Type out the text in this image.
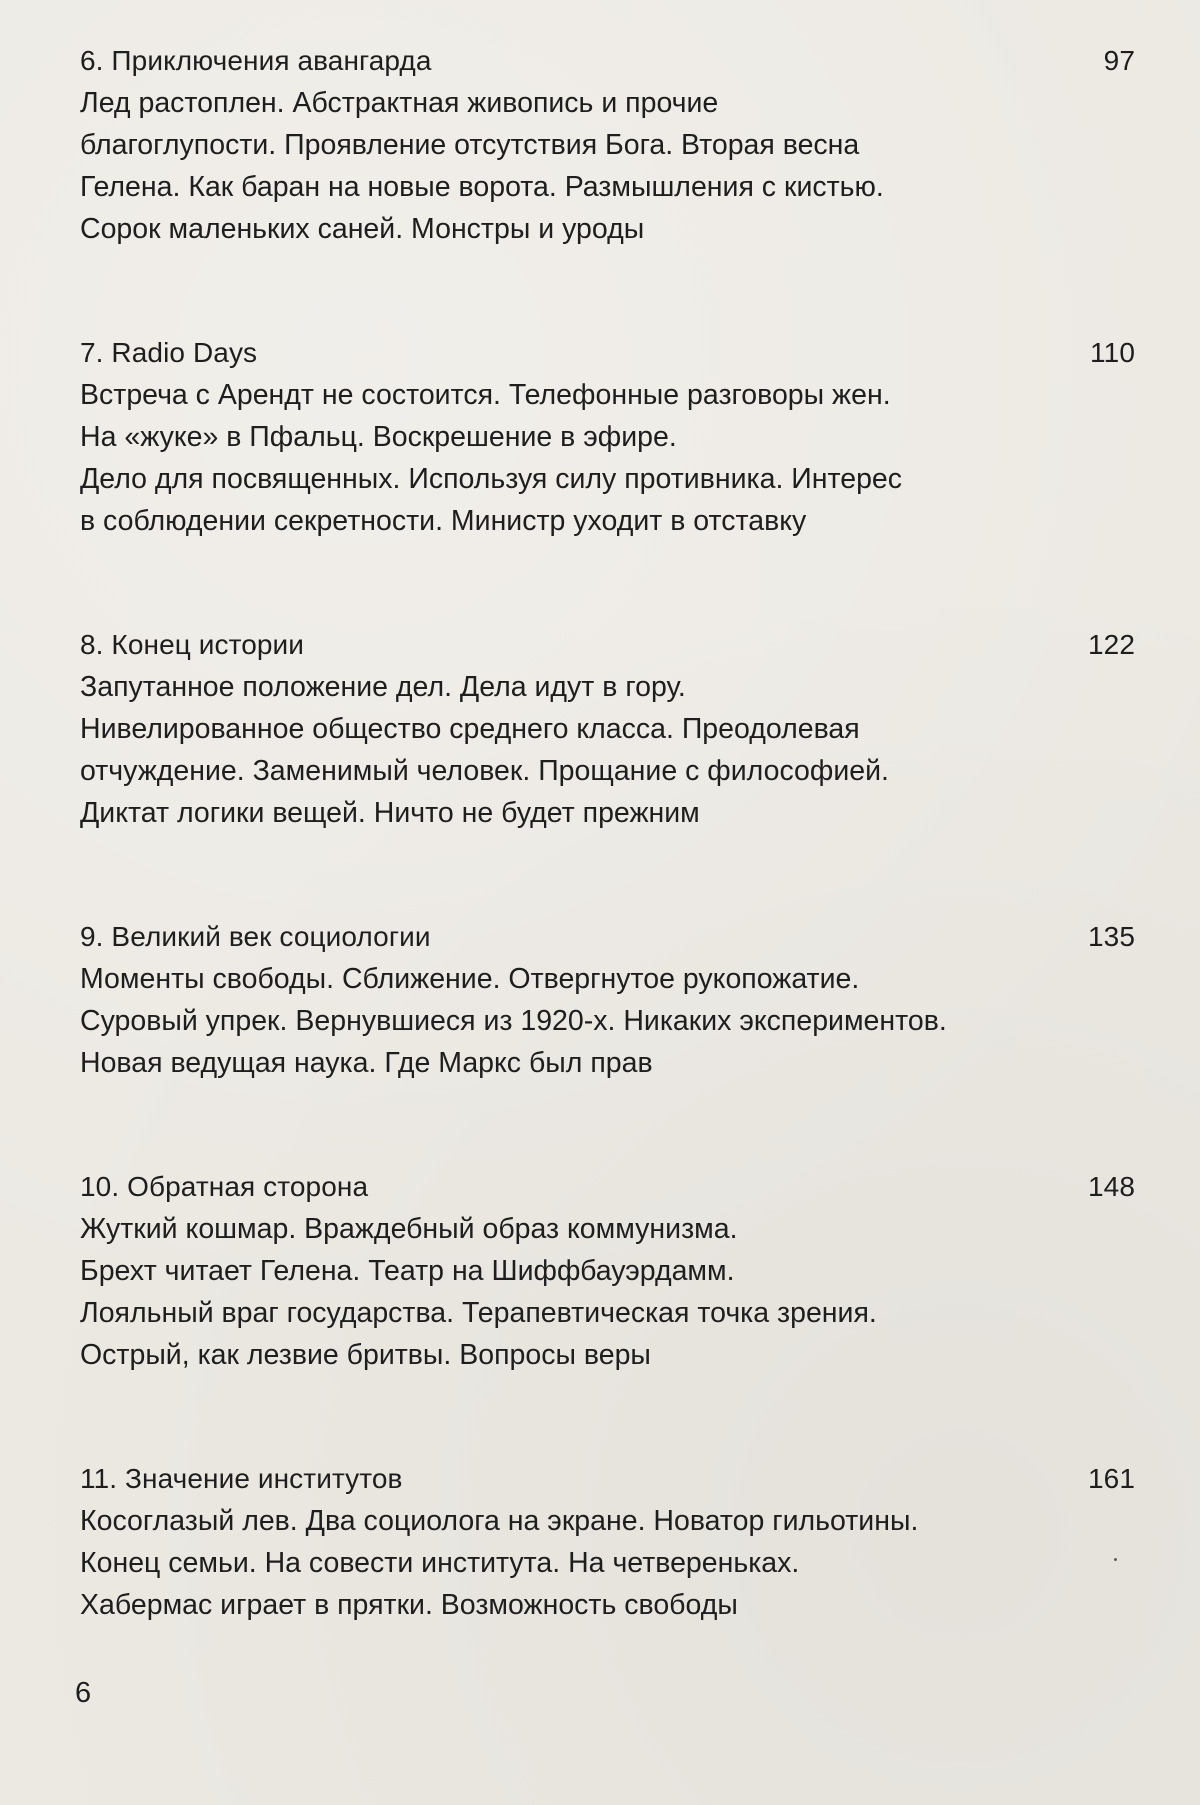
6. Приключения авангарда	97
Лед растоплен. Абстрактная живопись и прочие
благоглупости. Проявление отсутствия Бога. Вторая весна
Гелена. Как баран на новые ворота. Размышления с кистью.
Сорок маленьких саней. Монстры и уроды
7. Radio Days	110
Встреча с Арендт не состоится. Телефонные разговоры жен.
На «жуке» в Пфальц. Воскрешение в эфире.
Дело для посвященных. Используя силу противника. Интерес
в соблюдении секретности. Министр уходит в отставку
8. Конец истории	122
Запутанное положение дел. Дела идут в гору.
Нивелированное общество среднего класса. Преодолевая
отчуждение. Заменимый человек. Прощание с философией.
Диктат логики вещей. Ничто не будет прежним
9. Великий век социологии	135
Моменты свободы. Сближение. Отвергнутое рукопожатие.
Суровый упрек. Вернувшиеся из 1920-х. Никаких экспериментов.
Новая ведущая наука. Где Маркс был прав
10. Обратная сторона	148
Жуткий кошмар. Враждебный образ коммунизма.
Брехт читает Гелена. Театр на Шиффбауэрдамм.
Лояльный враг государства. Терапевтическая точка зрения.
Острый, как лезвие бритвы. Вопросы веры
11. Значение институтов	161
Косоглазый лев. Два социолога на экране. Новатор гильотины.
Конец семьи. На совести института. На четвереньках.
Хабермас играет в прятки. Возможность свободы
6
